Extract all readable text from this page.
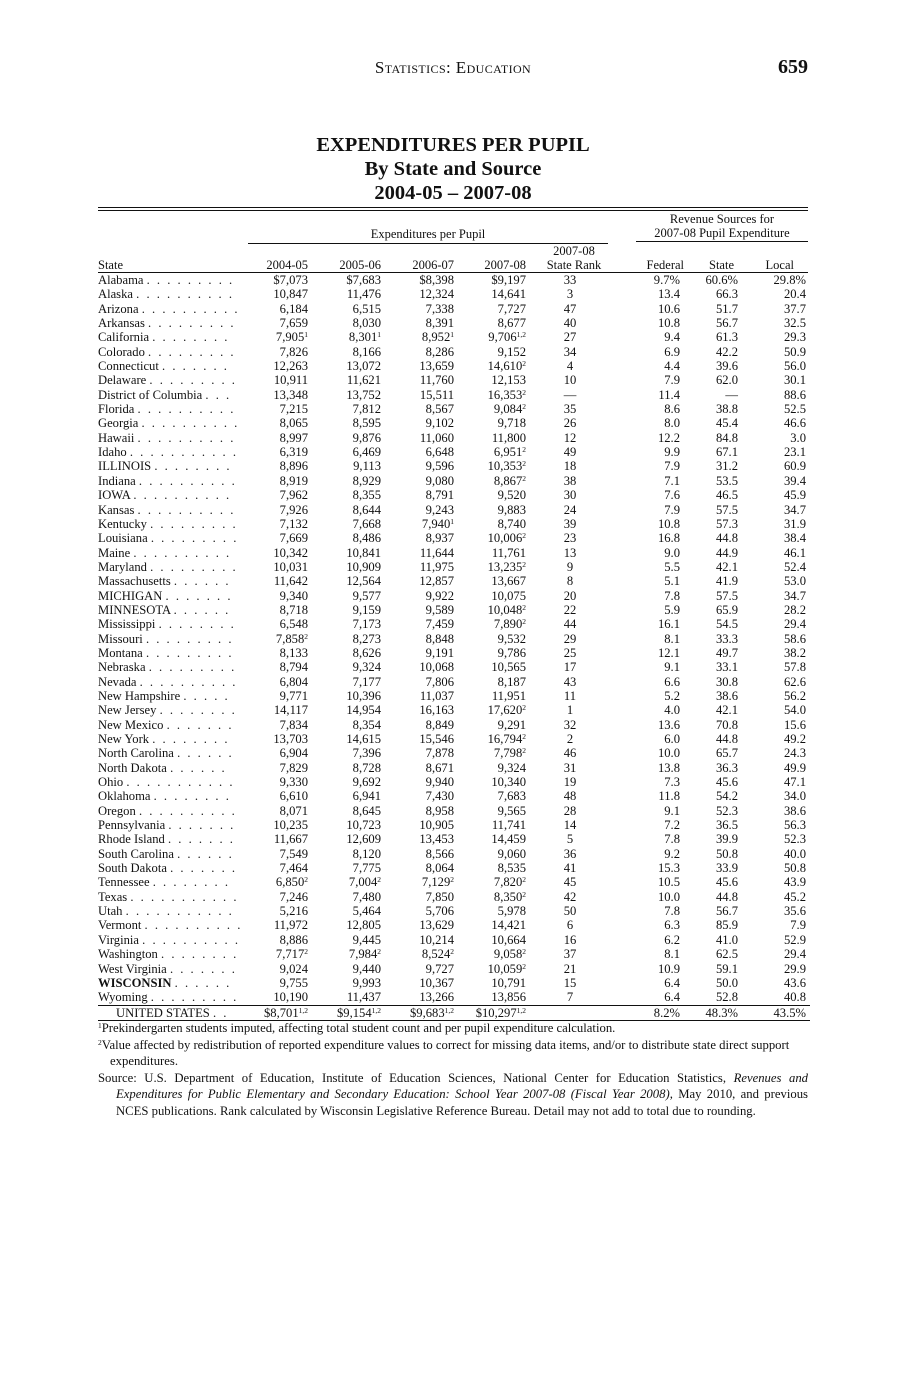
Statistics: Education	659
EXPENDITURES PER PUPIL
By State and Source
2004-05 – 2007-08
Revenue Sources for
2007-08 Pupil Expenditure
Expenditures per Pupil
State	2004-05	2005-06	2006-07	2007-08
2007-08
State Rank	Federal	State	Local
Alabama . . . . . . . . .	$7,073	$7,683	$8,398	$9,197	33	9.7%	60.6%	29.8%
Alaska . . . . . . . . . .	10,847	11,476	12,324	14,641	3	13.4	66.3	20.4
Arizona . . . . . . . . . .	6,184	6,515	7,338	7,727	47	10.6	51.7	37.7
Arkansas . . . . . . . . .	7,659	8,030	8,391	8,677	40	10.8	56.7	32.5
California . . . . . . . .	7,905$^1$	8,301$^1$	8,952$^1$	9,706$^{1,2}$	27	9.4	61.3	29.3
Colorado . . . . . . . . .	7,826	8,166	8,286	9,152	34	6.9	42.2	50.9
Connecticut . . . . . . .	12,263	13,072	13,659	14,610$^2$	4	4.4	39.6	56.0
Delaware . . . . . . . . .	10,911	11,621	11,760	12,153	10	7.9	62.0	30.1
District of Columbia . . .	13,348	13,752	15,511	16,353$^2$	—	11.4	—	88.6
Florida . . . . . . . . . .	7,215	7,812	8,567	9,084$^2$	35	8.6	38.8	52.5
Georgia . . . . . . . . . .	8,065	8,595	9,102	9,718	26	8.0	45.4	46.6
Hawaii . . . . . . . . . .	8,997	9,876	11,060	11,800	12	12.2	84.8	3.0
Idaho . . . . . . . . . . .	6,319	6,469	6,648	6,951$^2$	49	9.9	67.1	23.1
ILLINOIS . . . . . . . .	8,896	9,113	9,596	10,353$^2$	18	7.9	31.2	60.9
Indiana . . . . . . . . . .	8,919	8,929	9,080	8,867$^2$	38	7.1	53.5	39.4
IOWA . . . . . . . . . .	7,962	8,355	8,791	9,520	30	7.6	46.5	45.9
Kansas . . . . . . . . . .	7,926	8,644	9,243	9,883	24	7.9	57.5	34.7
Kentucky . . . . . . . . .	7,132	7,668	7,940$^1$	8,740	39	10.8	57.3	31.9
Louisiana . . . . . . . . .	7,669	8,486	8,937	10,006$^2$	23	16.8	44.8	38.4
Maine . . . . . . . . . .	10,342	10,841	11,644	11,761	13	9.0	44.9	46.1
Maryland . . . . . . . . .	10,031	10,909	11,975	13,235$^2$	9	5.5	42.1	52.4
Massachusetts . . . . . .	11,642	12,564	12,857	13,667	8	5.1	41.9	53.0
MICHIGAN . . . . . . .	9,340	9,577	9,922	10,075	20	7.8	57.5	34.7
MINNESOTA . . . . . .	8,718	9,159	9,589	10,048$^2$	22	5.9	65.9	28.2
Mississippi . . . . . . . .	6,548	7,173	7,459	7,890$^2$	44	16.1	54.5	29.4
Missouri . . . . . . . . .	7,858$^2$	8,273	8,848	9,532	29	8.1	33.3	58.6
Montana . . . . . . . . .	8,133	8,626	9,191	9,786	25	12.1	49.7	38.2
Nebraska . . . . . . . . .	8,794	9,324	10,068	10,565	17	9.1	33.1	57.8
Nevada . . . . . . . . . .	6,804	7,177	7,806	8,187	43	6.6	30.8	62.6
New Hampshire . . . . .	9,771	10,396	11,037	11,951	11	5.2	38.6	56.2
New Jersey . . . . . . . .	14,117	14,954	16,163	17,620$^2$	1	4.0	42.1	54.0
New Mexico . . . . . . .	7,834	8,354	8,849	9,291	32	13.6	70.8	15.6
New York . . . . . . . .	13,703	14,615	15,546	16,794$^2$	2	6.0	44.8	49.2
North Carolina . . . . . .	6,904	7,396	7,878	7,798$^2$	46	10.0	65.7	24.3
North Dakota . . . . . .	7,829	8,728	8,671	9,324	31	13.8	36.3	49.9
Ohio . . . . . . . . . . .	9,330	9,692	9,940	10,340	19	7.3	45.6	47.1
Oklahoma . . . . . . . .	6,610	6,941	7,430	7,683	48	11.8	54.2	34.0
Oregon . . . . . . . . . .	8,071	8,645	8,958	9,565	28	9.1	52.3	38.6
Pennsylvania . . . . . . .	10,235	10,723	10,905	11,741	14	7.2	36.5	56.3
Rhode Island . . . . . . .	11,667	12,609	13,453	14,459	5	7.8	39.9	52.3
South Carolina . . . . . .	7,549	8,120	8,566	9,060	36	9.2	50.8	40.0
South Dakota . . . . . . .	7,464	7,775	8,064	8,535	41	15.3	33.9	50.8
Tennessee . . . . . . . .	6,850$^2$	7,004$^2$	7,129$^2$	7,820$^2$	45	10.5	45.6	43.9
Texas . . . . . . . . . . .	7,246	7,480	7,850	8,350$^2$	42	10.0	44.8	45.2
Utah . . . . . . . . . . .	5,216	5,464	5,706	5,978	50	7.8	56.7	35.6
Vermont . . . . . . . . . .	11,972	12,805	13,629	14,421	6	6.3	85.9	7.9
Virginia . . . . . . . . . .	8,886	9,445	10,214	10,664	16	6.2	41.0	52.9
Washington . . . . . . . .	7,717$^2$	7,984$^2$	8,524$^2$	9,058$^2$	37	8.1	62.5	29.4
West Virginia . . . . . . .	9,024	9,440	9,727	10,059$^2$	21	10.9	59.1	29.9
WISCONSIN . . . . . .	9,755	9,993	10,367	10,791	15	6.4	50.0	43.6
Wyoming . . . . . . . . .	10,190	11,437	13,266	13,856	7	6.4	52.8	40.8
UNITED STATES . .	$8,701$^{1,2}$	$9,154$^{1,2}$	$9,683$^{1,2}$	$10,297$^{1,2}$		8.2%	48.3%	43.5%

$^1$Prekindergarten students imputed, affecting total student count and per pupil expenditure calculation.

$^2$Value affected by redistribution of reported expenditure values to correct for missing data items, and/or to distribute state direct support expenditures.

Source: U.S. Department of Education, Institute of Education Sciences, National Center for Education Statistics, Revenues and Expenditures for Public Elementary and Secondary Education: School Year 2007-08 (Fiscal Year 2008), May 2010, and previous NCES publications. Rank calculated by Wisconsin Legislative Reference Bureau. Detail may not add to total due to rounding.
